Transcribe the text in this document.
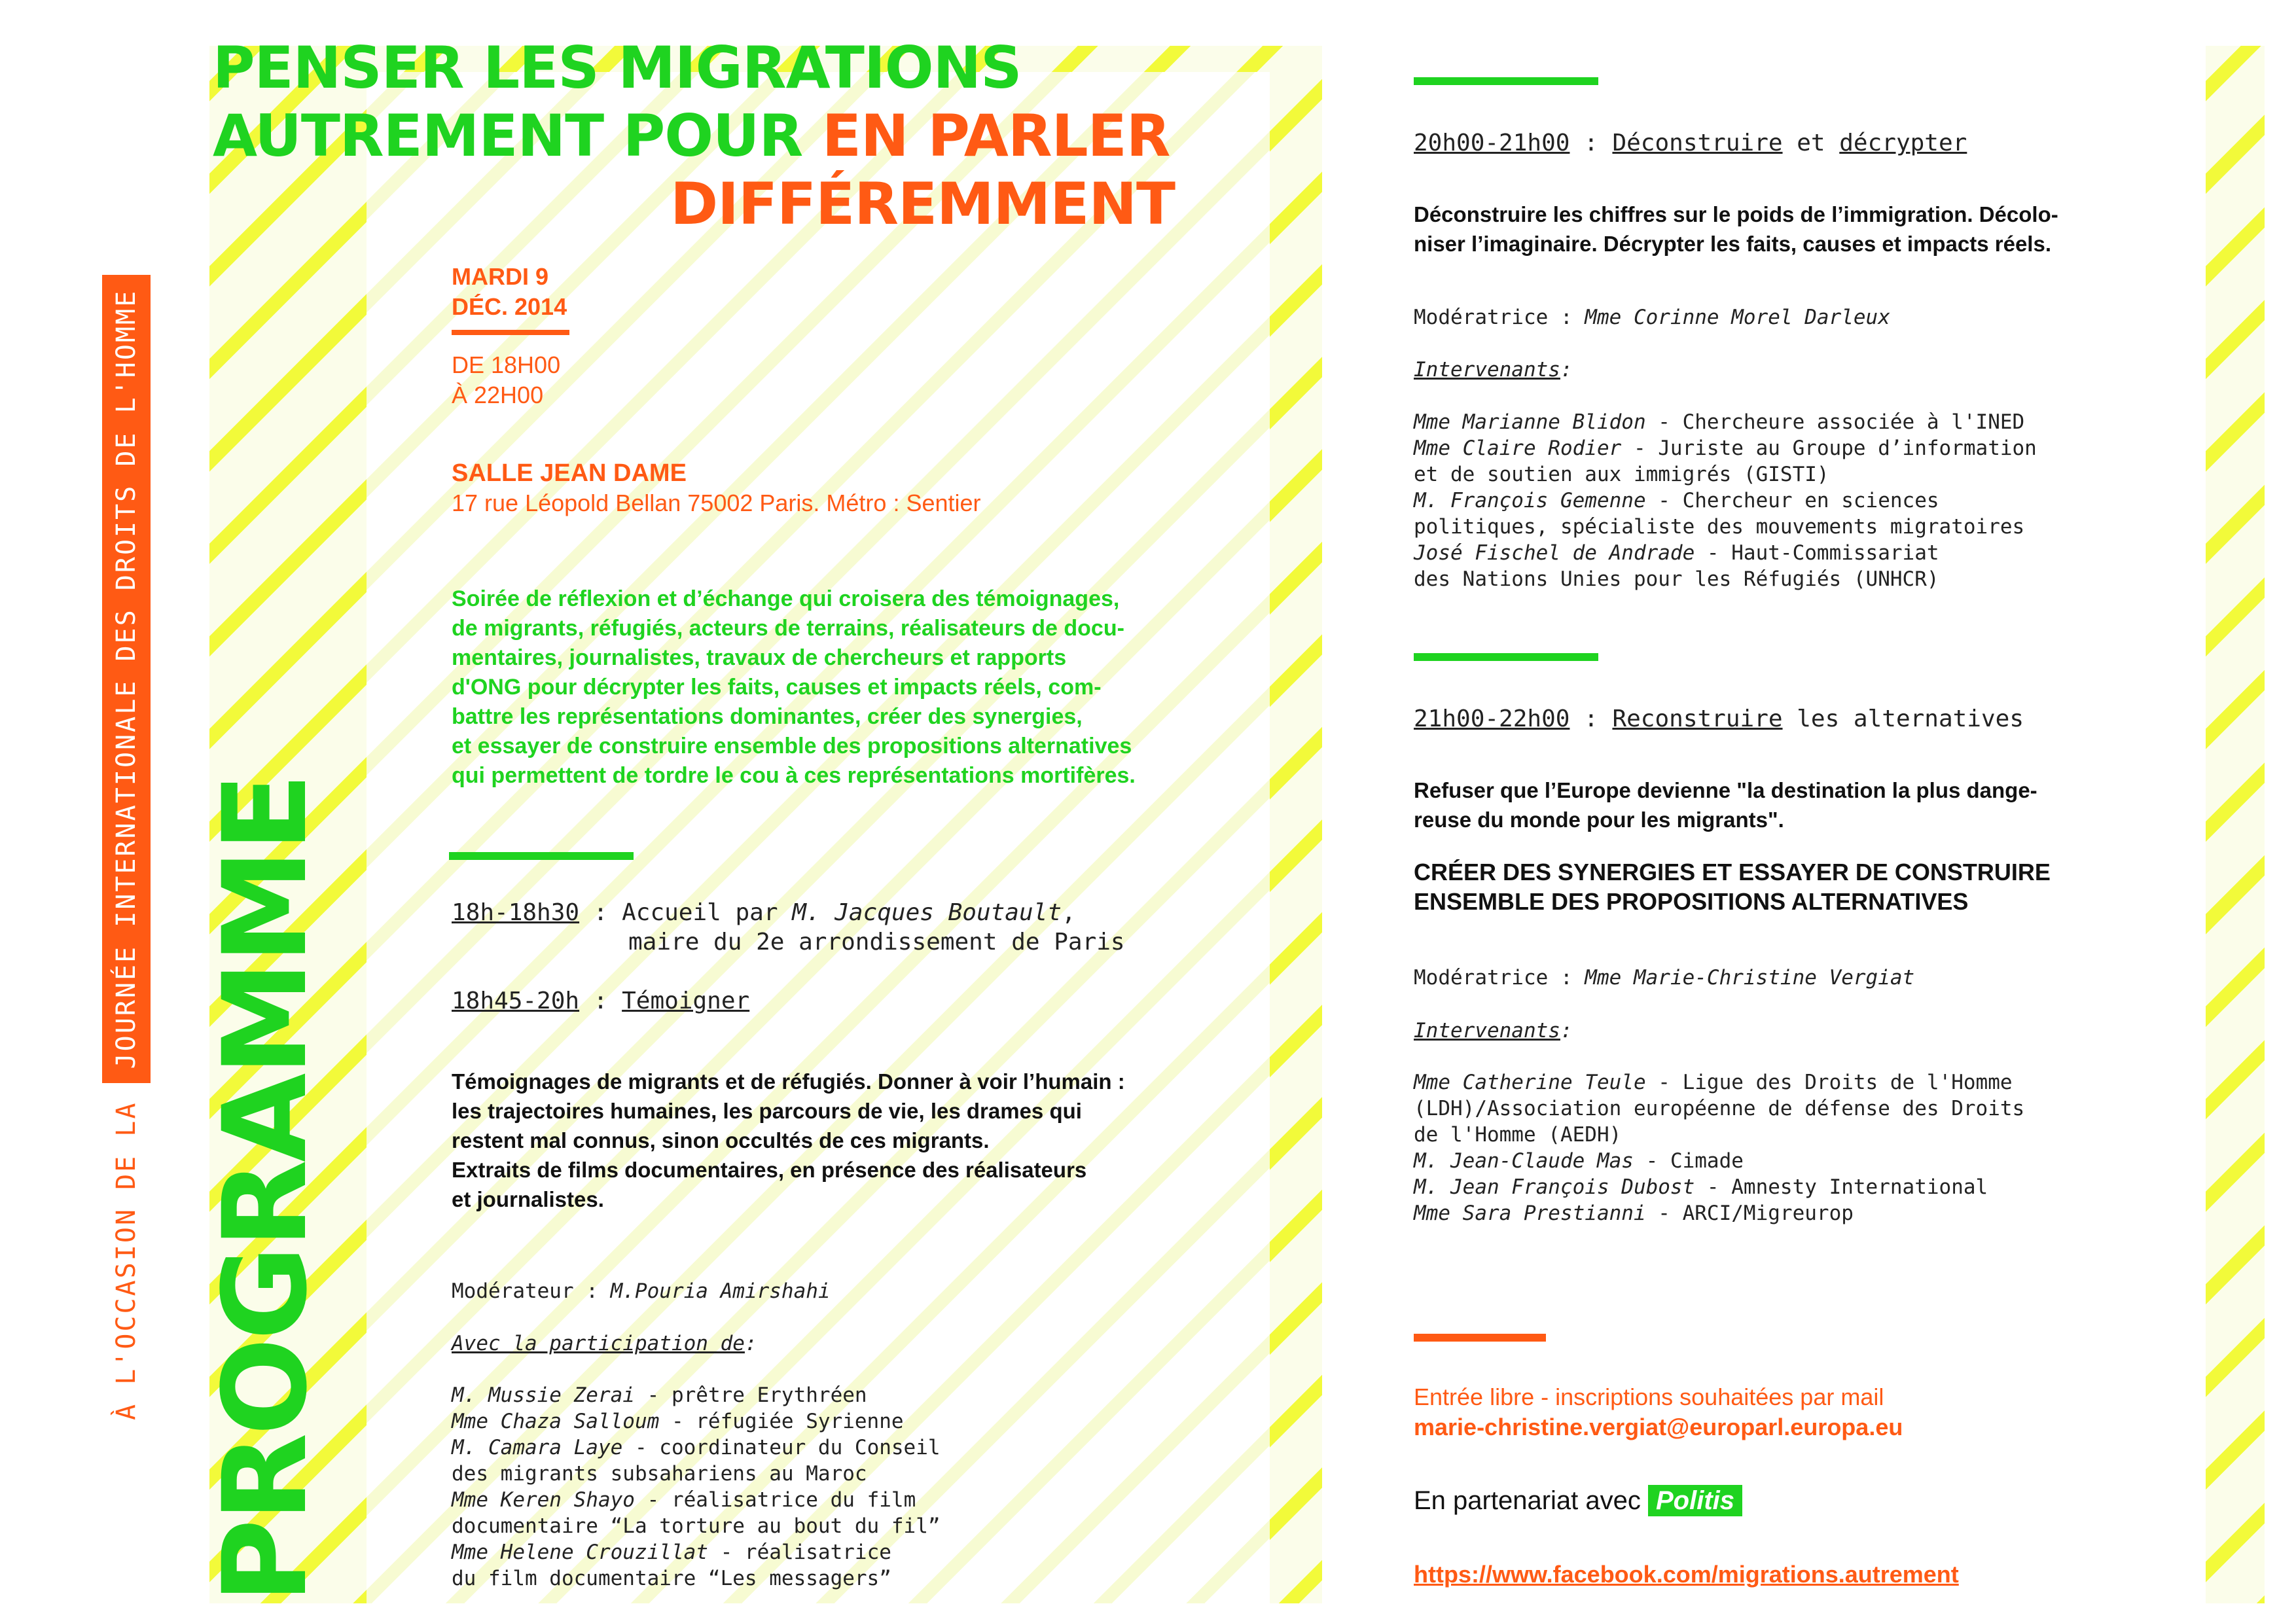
À L'OCCASION DE LA JOURNÉE INTERNATIONALE DES DROITS DE L'HOMME
PROGRAMME
PENSER LES MIGRATIONS
AUTREMENT POUR EN PARLER
DIFFÉREMMENT
MARDI 9
DÉC. 2014
DE 18H00
À 22H00
SALLE JEAN DAME
17 rue Léopold Bellan 75002 Paris. Métro : Sentier
Soirée de réflexion et d’échange qui croisera des témoignages,
de migrants, réfugiés, acteurs de terrains, réalisateurs de docu-
mentaires, journalistes, travaux de chercheurs et rapports
d'ONG pour décrypter les faits, causes et impacts réels, com-
battre les représentations dominantes, créer des synergies,
et essayer de construire ensemble des propositions alternatives
qui permettent de tordre le cou à ces représentations mortifères.
18h-18h30 : Accueil par M. Jacques Boutault,
maire du 2e arrondissement de Paris
18h45-20h : Témoigner
Témoignages de migrants et de réfugiés. Donner à voir l’humain :
les trajectoires humaines, les parcours de vie, les drames qui
restent mal connus, sinon occultés de ces migrants.
Extraits de films documentaires, en présence des réalisateurs
et journalistes.
Modérateur : M.Pouria Amirshahi
Avec la participation de:
M. Mussie Zerai - prêtre Erythréen
Mme Chaza Salloum - réfugiée Syrienne
M. Camara Laye - coordinateur du Conseil
des migrants subsahariens au Maroc
Mme Keren Shayo - réalisatrice du film
documentaire “La torture au bout du fil”
Mme Helene Crouzillat - réalisatrice
du film documentaire “Les messagers”
20h00-21h00 : Déconstruire et décrypter
Déconstruire les chiffres sur le poids de l’immigration. Décolo-
niser l’imaginaire. Décrypter les faits, causes et impacts réels.
Modératrice : Mme Corinne Morel Darleux
Intervenants:
Mme Marianne Blidon - Chercheure associée à l'INED
Mme Claire Rodier - Juriste au Groupe d’information
et de soutien aux immigrés (GISTI)
M. François Gemenne - Chercheur en sciences
politiques, spécialiste des mouvements migratoires
José Fischel de Andrade - Haut-Commissariat
des Nations Unies pour les Réfugiés (UNHCR)
21h00-22h00 : Reconstruire les alternatives
Refuser que l’Europe devienne "la destination la plus dange-
reuse du monde pour les migrants".
CRÉER DES SYNERGIES ET ESSAYER DE CONSTRUIRE
ENSEMBLE DES PROPOSITIONS ALTERNATIVES
Modératrice : Mme Marie-Christine Vergiat
Intervenants:
Mme Catherine Teule - Ligue des Droits de l'Homme
(LDH)/Association européenne de défense des Droits
de l'Homme (AEDH)
M. Jean-Claude Mas - Cimade
M. Jean François Dubost - Amnesty International
Mme Sara Prestianni - ARCI/Migreurop
Entrée libre - inscriptions souhaitées par mail
marie-christine.vergiat@europarl.europa.eu
En partenariat avec Politis
https://www.facebook.com/migrations.autrement
